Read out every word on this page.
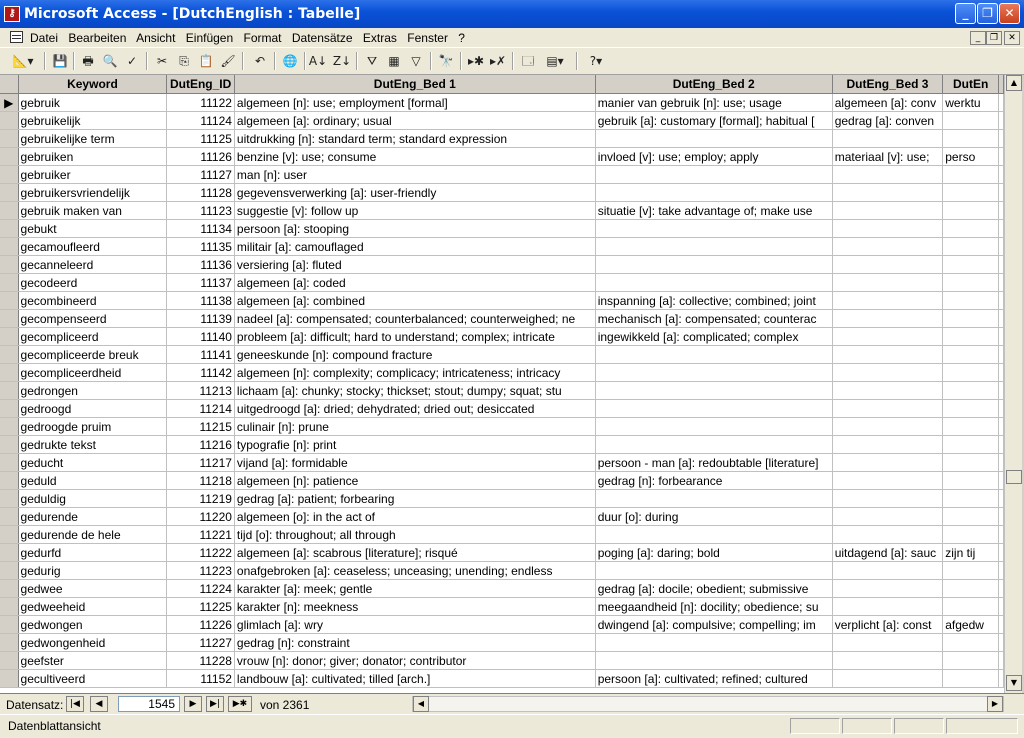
⚷ Microsoft Access - [DutchEnglish : Tabelle]	_	❐ ✕
Datei Bearbeiten Ansicht Einfügen Format Datensätze Extras Fenster ?	_	❐	✕
📐▾	💾	🖶 🔍 ✓	✂	⎘ 📋 🖌	↶	🌐 A↓ Z↓	⛛ ▦ ▽	🔭 ▸✱ ▸✗ 🗔 ▤▾	?▾
	Keyword	DutEng_ID	DutEng_Bed 1	DutEng_Bed 2	DutEng_Bed 3	DutEn	
▶	gebruik	11122	algemeen [n]: use; employment [formal]	manier van gebruik [n]: use; usage	algemeen [a]: conv	werktu	
	gebruikelijk	11124	algemeen [a]: ordinary; usual	gebruik [a]: customary [formal]; habitual [	gedrag [a]: conven		
	gebruikelijke term	11125	uitdrukking [n]: standard term; standard expression				
	gebruiken	11126	benzine [v]: use; consume	invloed [v]: use; employ; apply	materiaal [v]: use;	perso	
	gebruiker	11127	man [n]: user				
	gebruikersvriendelijk	11128	gegevensverwerking [a]: user-friendly				
	gebruik maken van	11123	suggestie [v]: follow up	situatie [v]: take advantage of; make use			
	gebukt	11134	persoon [a]: stooping				
	gecamoufleerd	11135	militair [a]: camouflaged				
	gecanneleerd	11136	versiering [a]: fluted				
	gecodeerd	11137	algemeen [a]: coded				
	gecombineerd	11138	algemeen [a]: combined	inspanning [a]: collective; combined; joint			
	gecompenseerd	11139	nadeel [a]: compensated; counterbalanced; counterweighed; ne	mechanisch [a]: compensated; counterac			
	gecompliceerd	11140	probleem [a]: difficult; hard to understand; complex; intricate	ingewikkeld [a]: complicated; complex			
	gecompliceerde breuk	11141	geneeskunde [n]: compound fracture				
	gecompliceerdheid	11142	algemeen [n]: complexity; complicacy; intricateness; intricacy				
	gedrongen	11213	lichaam [a]: chunky; stocky; thickset; stout; dumpy; squat; stu				
	gedroogd	11214	uitgedroogd [a]: dried; dehydrated; dried out; desiccated				
	gedroogde pruim	11215	culinair [n]: prune				
	gedrukte tekst	11216	typografie [n]: print				
	geducht	11217	vijand [a]: formidable	persoon - man [a]: redoubtable [literature]			
	geduld	11218	algemeen [n]: patience	gedrag [n]: forbearance			
	geduldig	11219	gedrag [a]: patient; forbearing				
	gedurende	11220	algemeen [o]: in the act of	duur [o]: during			
	gedurende de hele	11221	tijd [o]: throughout; all through				
	gedurfd	11222	algemeen [a]: scabrous [literature]; risqué	poging [a]: daring; bold	uitdagend [a]: sauc	zijn tij	
	gedurig	11223	onafgebroken [a]: ceaseless; unceasing; unending; endless				
	gedwee	11224	karakter [a]: meek; gentle	gedrag [a]: docile; obedient; submissive			
	gedweeheid	11225	karakter [n]: meekness	meegaandheid [n]: docility; obedience; su			
	gedwongen	11226	glimlach [a]: wry	dwingend [a]: compulsive; compelling; im	verplicht [a]: const	afgedw	
	gedwongenheid	11227	gedrag [n]: constraint				
	geefster	11228	vrouw [n]: donor; giver; donator; contributor				
	gecultiveerd	11152	landbouw [a]: cultivated; tilled [arch.]	persoon [a]: cultivated; refined; cultured			
▲
▼
Datensatz: |◀	◀
1545	▶	▶|	▶✱	von 2361	◀	▶
Datenblattansicht
